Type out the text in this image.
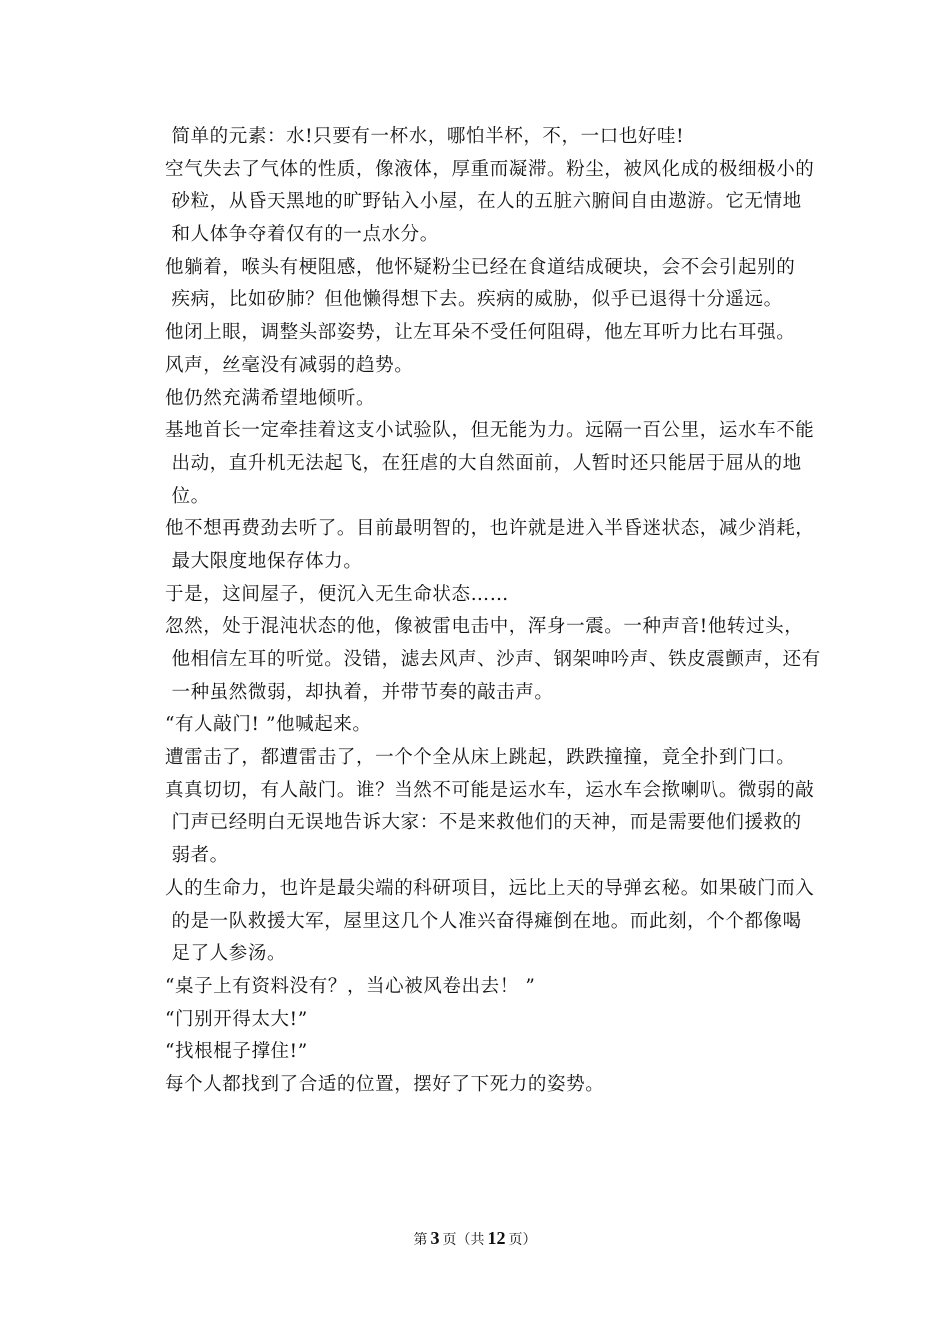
简单的元素：水!只要有一杯水，哪怕半杯，不，一口也好哇!
空气失去了气体的性质，像液体，厚重而凝滞。粉尘，被风化成的极细极小的
砂粒，从昏天黑地的旷野钻入小屋，在人的五脏六腑间自由遨游。它无情地
和人体争夺着仅有的一点水分。
他躺着，喉头有梗阻感，他怀疑粉尘已经在食道结成硬块，会不会引起别的
疾病，比如矽肺？但他懒得想下去。疾病的威胁，似乎已退得十分遥远。
他闭上眼，调整头部姿势，让左耳朵不受任何阻碍，他左耳听力比右耳强。
风声，丝毫没有减弱的趋势。
他仍然充满希望地倾听。
基地首长一定牵挂着这支小试验队，但无能为力。远隔一百公里，运水车不能
出动，直升机无法起飞，在狂虐的大自然面前，人暂时还只能居于屈从的地
位。
他不想再费劲去听了。目前最明智的，也许就是进入半昏迷状态，减少消耗，
最大限度地保存体力。
于是，这间屋子，便沉入无生命状态……
忽然，处于混沌状态的他，像被雷电击中，浑身一震。一种声音!他转过头，
他相信左耳的听觉。没错，滤去风声、沙声、钢架呻吟声、铁皮震颤声，还有
一种虽然微弱，却执着，并带节奏的敲击声。
“有人敲门! ”他喊起来。
遭雷击了，都遭雷击了，一个个全从床上跳起，跌跌撞撞，竟全扑到门口。
真真切切，有人敲门。谁？当然不可能是运水车，运水车会揿喇叭。微弱的敲
门声已经明白无误地告诉大家：不是来救他们的天神，而是需要他们援救的
弱者。
人的生命力，也许是最尖端的科研项目，远比上天的导弹玄秘。如果破门而入
的是一队救援大军，屋里这几个人准兴奋得瘫倒在地。而此刻，个个都像喝
足了人参汤。
“桌子上有资料没有？，当心被风卷出去！ ”
“门别开得太大!”
“找根棍子撑住!”
每个人都找到了合适的位置，摆好了下死力的姿势。
第 3 页（共 12 页）
